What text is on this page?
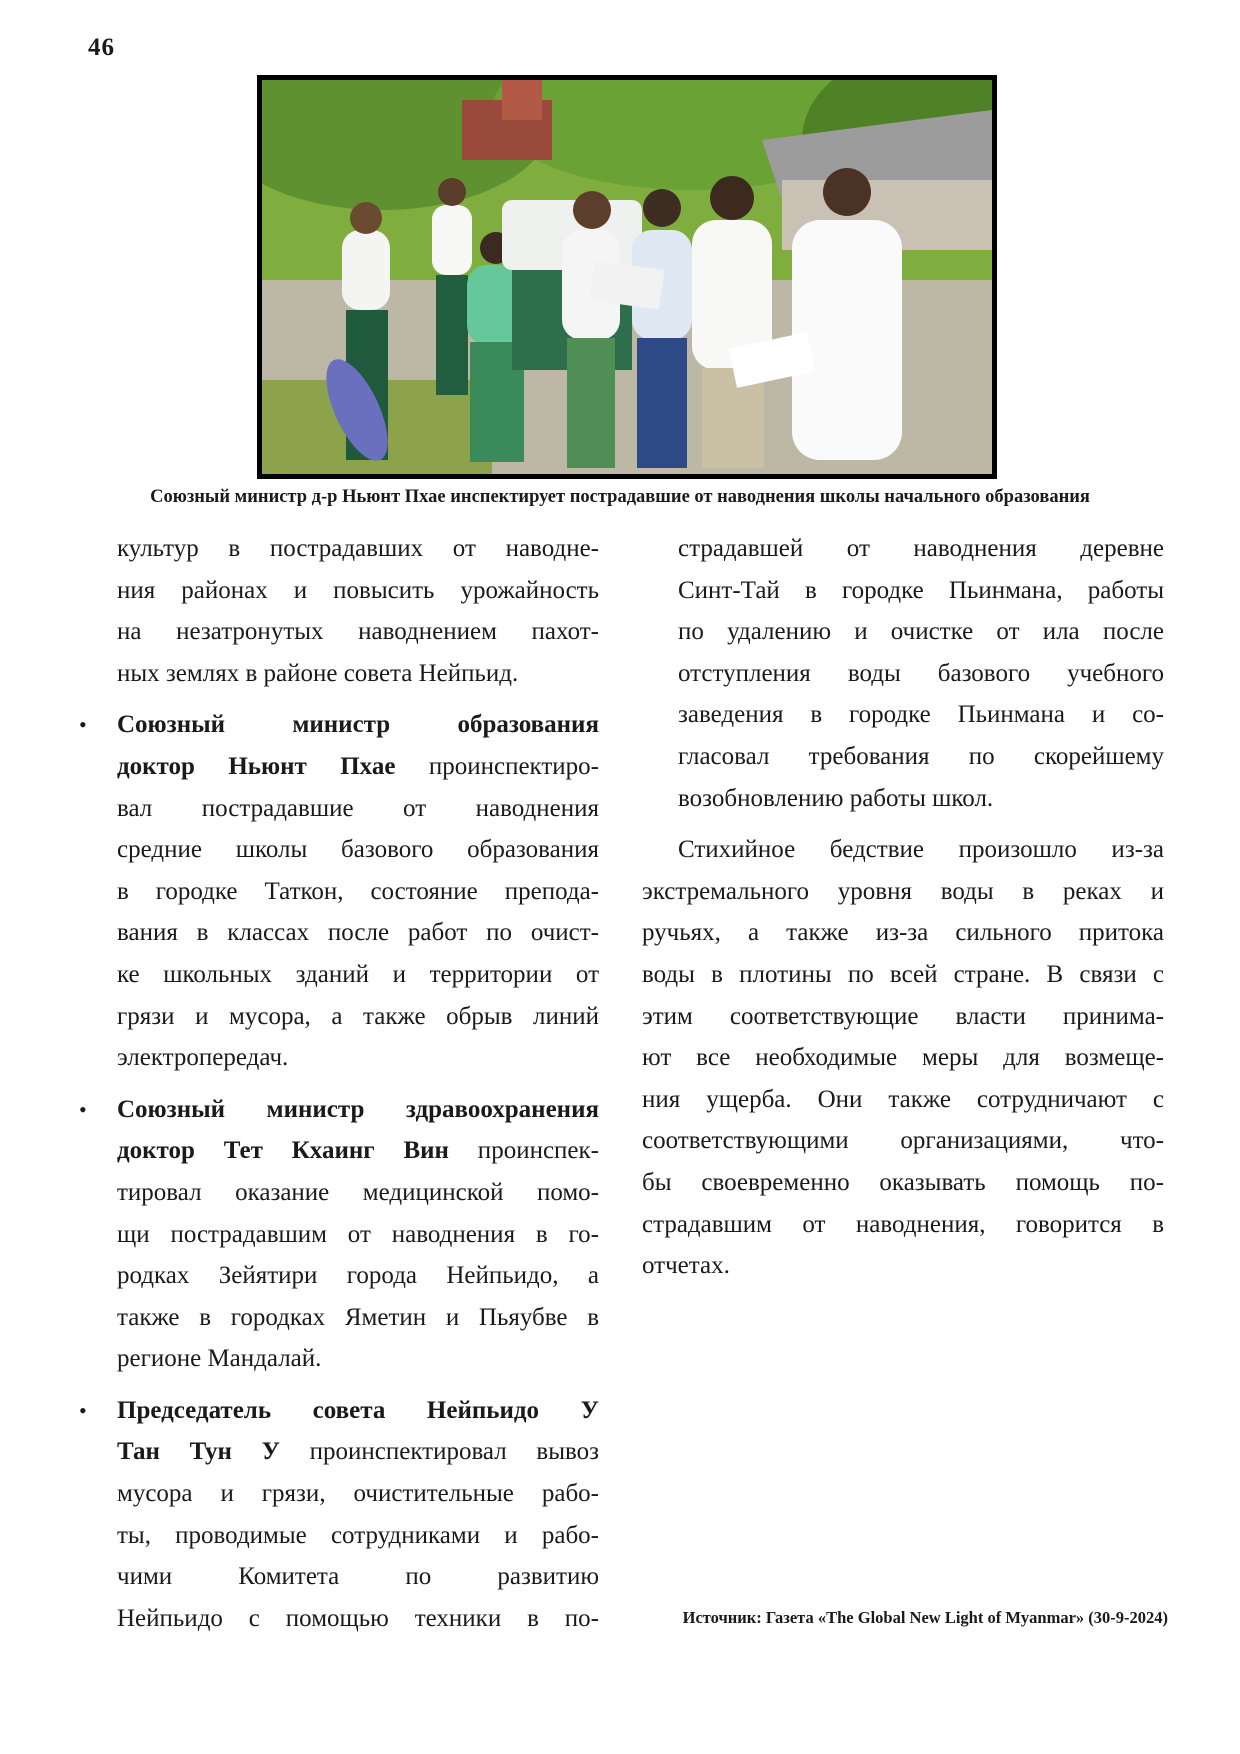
46
Союзный министр д-р Ньюнт Пхае инспектирует пострадавшие от наводнения школы начального образования

культур в пострадавших от наводне-

ния районах и повысить урожайность

на незатронутых наводнением пахот-

ных землях в районе совета Нейпьид.

• Союзный министр образования

доктор Ньюнт Пхае проинспектиро-

вал пострадавшие от наводнения

средние школы базового образования

в городке Таткон, состояние препода-

вания в классах после работ по очист-

ке школьных зданий и территории от

грязи и мусора, а также обрыв линий

электропередач.

• Союзный министр здравоохранения

доктор Тет Кхаинг Вин проинспек-

тировал оказание медицинской помо-

щи пострадавшим от наводнения в го-

родках Зейятири города Нейпьидо, а

также в городках Яметин и Пьяубве в

регионе Мандалай.

• Председатель совета Нейпьидо У

Тан Тун У проинспектировал вывоз

мусора и грязи, очистительные рабо-

ты, проводимые сотрудниками и рабо-

чими Комитета по развитию

Нейпьидо с помощью техники в по-

страдавшей от наводнения деревне

Синт-Тай в городке Пьинмана, работы

по удалению и очистке от ила после

отступления воды базового учебного

заведения в городке Пьинмана и со-

гласовал требования по скорейшему

возобновлению работы школ.

Стихийное бедствие произошло из-за

экстремального уровня воды в реках и

ручьях, а также из-за сильного притока

воды в плотины по всей стране. В связи с

этим соответствующие власти принима-

ют все необходимые меры для возмеще-

ния ущерба. Они также сотрудничают с

соответствующими организациями, что-

бы своевременно оказывать помощь по-

страдавшим от наводнения, говорится в

отчетах.

Источник: Газета «The Global New Light of Myanmar» (30-9-2024)
